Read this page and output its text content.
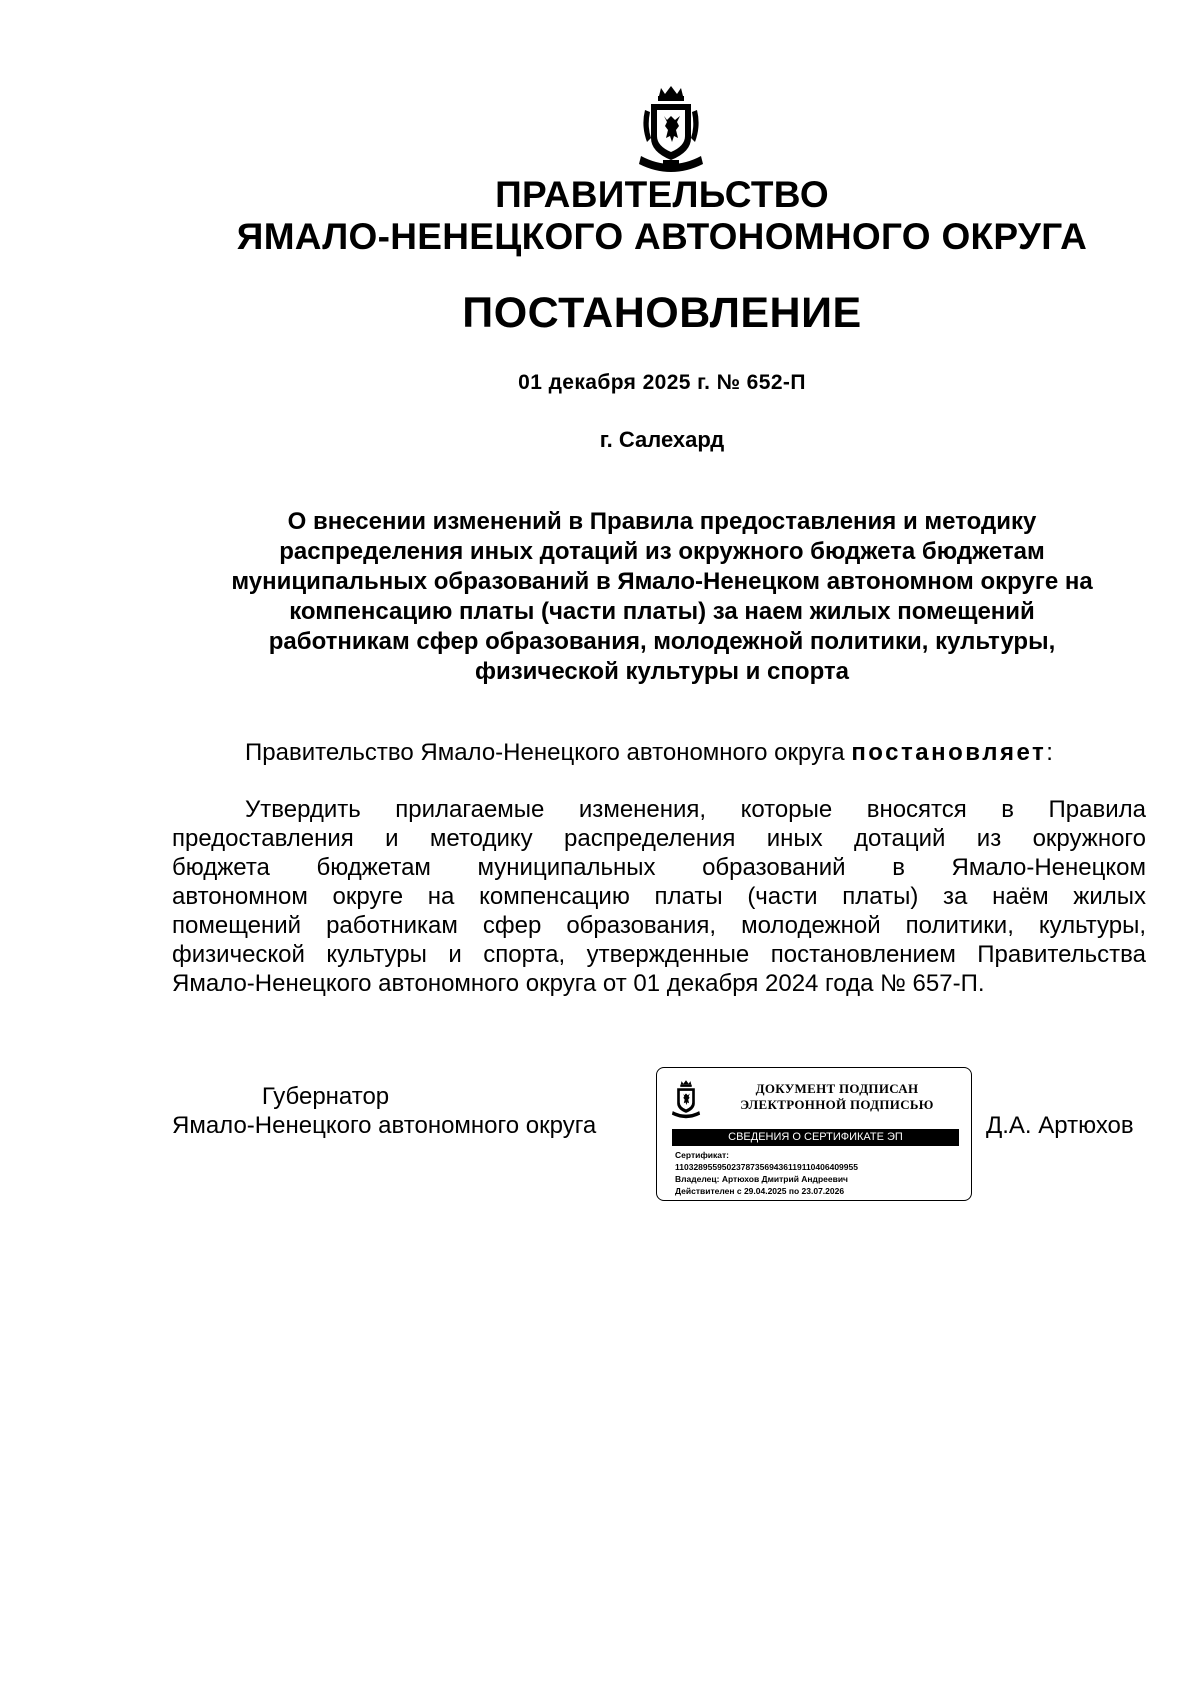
ПРАВИТЕЛЬСТВО
ЯМАЛО-НЕНЕЦКОГО АВТОНОМНОГО ОКРУГА
ПОСТАНОВЛЕНИЕ
01 декабря 2025 г. № 652-П
г. Салехард
О внесении изменений в Правила предоставления и методику
распределения иных дотаций из окружного бюджета бюджетам
муниципальных образований в Ямало-Ненецком автономном округе на
компенсацию платы (части платы) за наем жилых помещений
работникам сфер образования, молодежной политики, культуры,
физической культуры и спорта
Правительство Ямало-Ненецкого автономного округа постановляет:
Утвердить прилагаемые изменения, которые вносятся в Правила
предоставления и методику распределения иных дотаций из окружного
бюджета бюджетам муниципальных образований в Ямало-Ненецком
автономном округе на компенсацию платы (части платы) за наём жилых
помещений работникам сфер образования, молодежной политики, культуры,
физической культуры и спорта, утвержденные постановлением Правительства
Ямало-Ненецкого автономного округа от 01 декабря 2024 года № 657-П.
Губернатор
Ямало-Ненецкого автономного округа
ДОКУМЕНТ ПОДПИСАН
ЭЛЕКТРОННОЙ ПОДПИСЬЮ
СВЕДЕНИЯ О СЕРТИФИКАТЕ ЭП
Сертификат:
110328955950237873569436119110406409955
Владелец: Артюхов Дмитрий Андреевич
Действителен с 29.04.2025 по 23.07.2026
Д.А. Артюхов
